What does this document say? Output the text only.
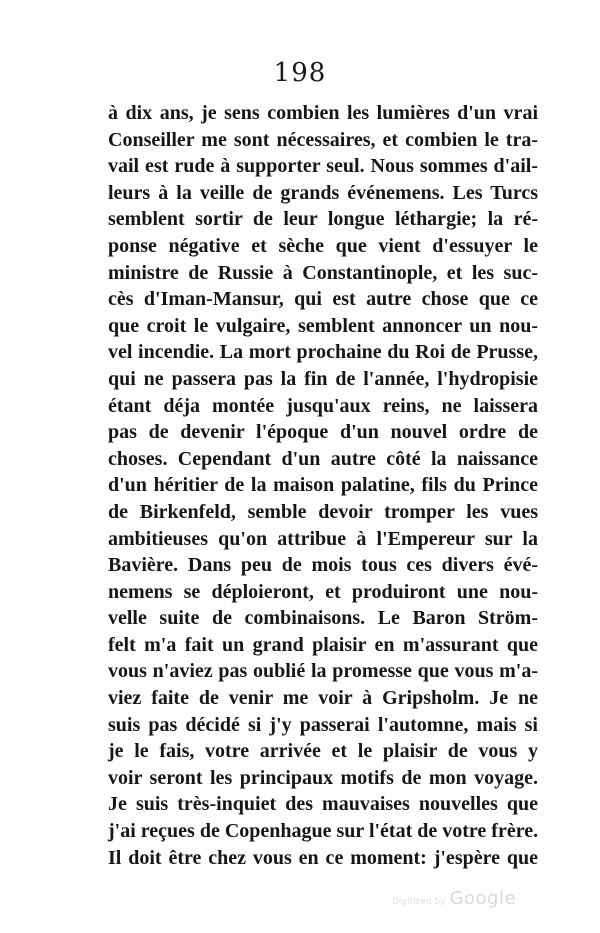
198
à dix ans, je sens combien les lumières d'un vrai
Conseiller me sont nécessaires, et combien le tra-
vail est rude à supporter seul. Nous sommes d'ail-
leurs à la veille de grands événemens. Les Turcs
semblent sortir de leur longue léthargie; la ré-
ponse négative et sèche que vient d'essuyer le
ministre de Russie à Constantinople, et les suc-
cès d'Iman-Mansur, qui est autre chose que ce
que croit le vulgaire, semblent annoncer un nou-
vel incendie. La mort prochaine du Roi de Prusse,
qui ne passera pas la fin de l'année, l'hydropisie
étant déja montée jusqu'aux reins, ne laissera
pas de devenir l'époque d'un nouvel ordre de
choses. Cependant d'un autre côté la naissance
d'un héritier de la maison palatine, fils du Prince
de Birkenfeld, semble devoir tromper les vues
ambitieuses qu'on attribue à l'Empereur sur la
Bavière. Dans peu de mois tous ces divers évé-
nemens se déploieront, et produiront une nou-
velle suite de combinaisons. Le Baron Ström-
felt m'a fait un grand plaisir en m'assurant que
vous n'aviez pas oublié la promesse que vous m'a-
viez faite de venir me voir à Gripsholm. Je ne
suis pas décidé si j'y passerai l'automne, mais si
je le fais, votre arrivée et le plaisir de vous y
voir seront les principaux motifs de mon voyage.
Je suis très-inquiet des mauvaises nouvelles que
j'ai reçues de Copenhague sur l'état de votre frère.
Il doit être chez vous en ce moment: j'espère que
Digitized by Google
